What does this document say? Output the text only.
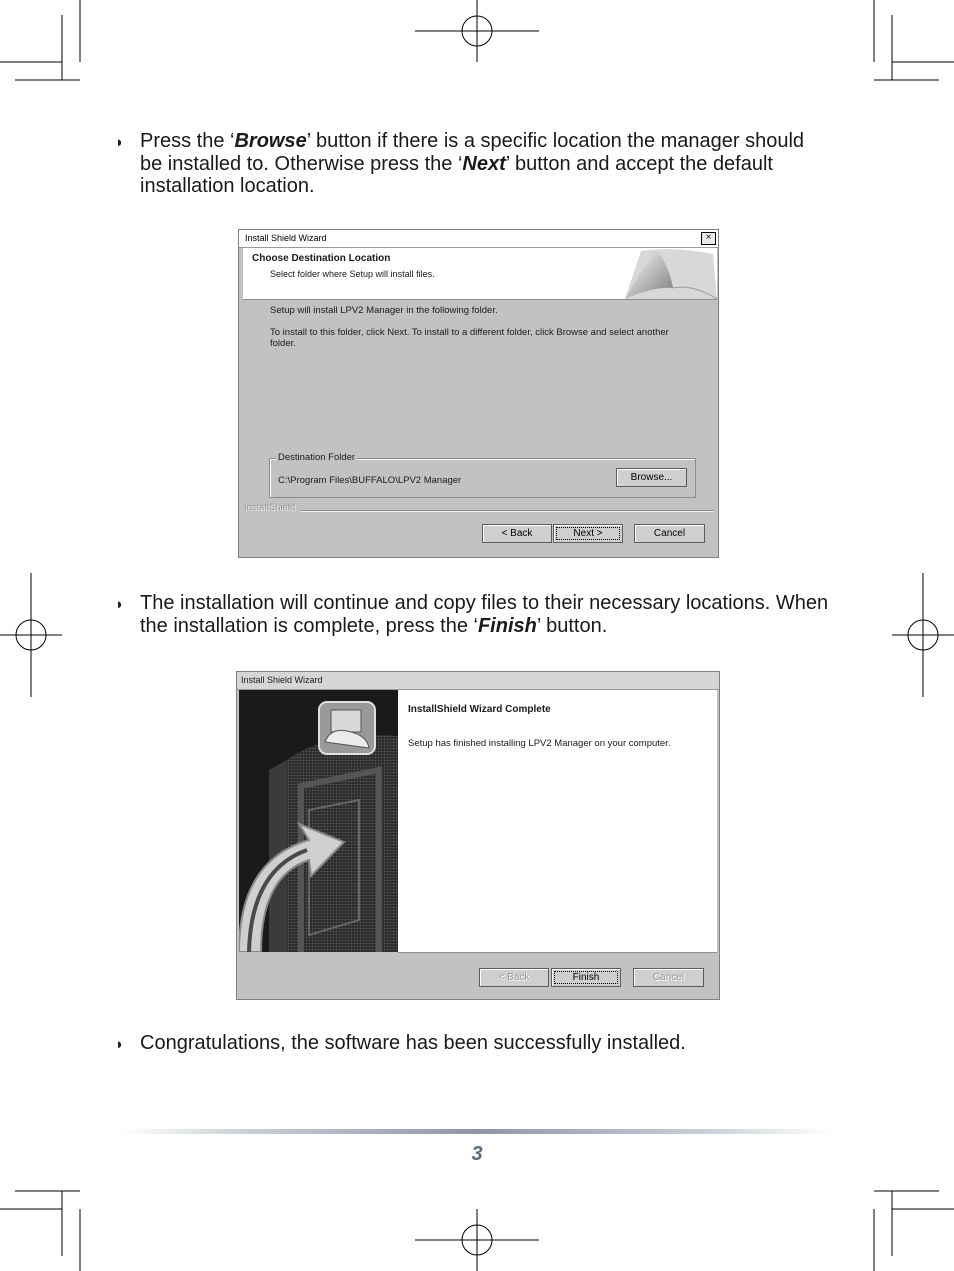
◗ Press the ‘Browse’ button if there is a specific location the manager should be installed to. Otherwise press the ‘Next’ button and accept the default installation location.
Install Shield Wizard	×
Choose Destination Location
Select folder where Setup will install files.
Setup will install LPV2 Manager in the following folder.
To install to this folder, click Next. To install to a different folder, click Browse and select another folder.
Destination Folder
C:\Program Files\BUFFALO\LPV2 Manager	Browse...
InstallShield
< Back	Next >	Cancel
◗ The installation will continue and copy files to their necessary locations. When the installation is complete, press the ‘Finish’ button.
Install Shield Wizard
InstallShield Wizard Complete
Setup has finished installing LPV2 Manager on your computer.
< Back	Finish	Cancel
◗ Congratulations, the software has been successfully installed.
3
